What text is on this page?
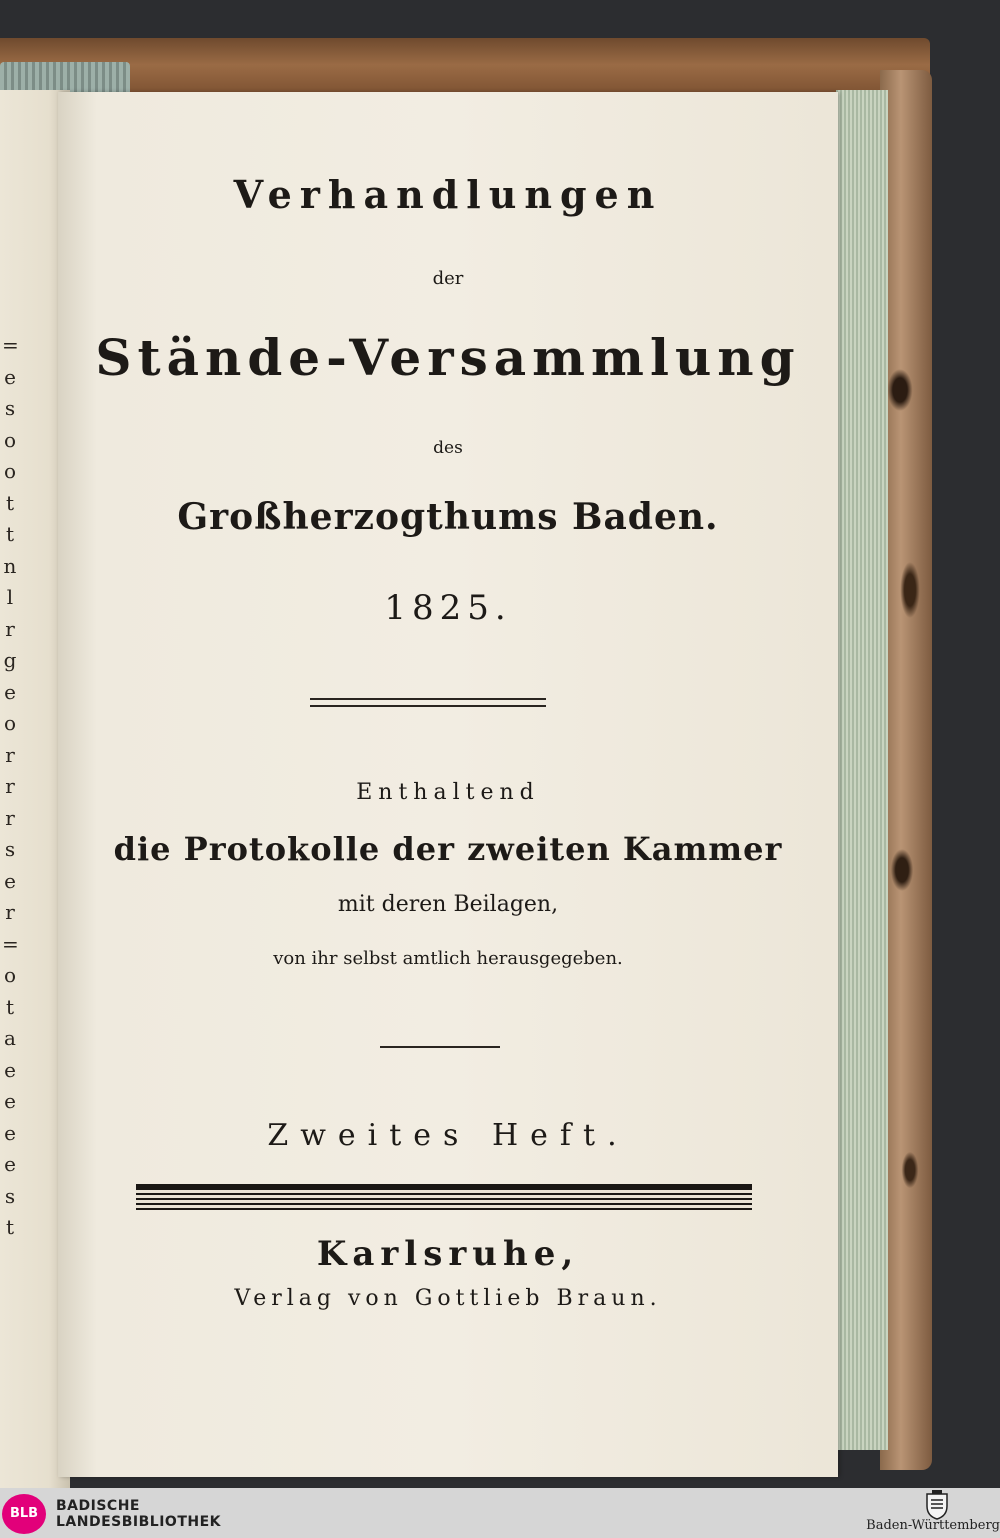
=
e
s
o
o
t
t
n
l
r
g
e
o
r
r
r
s
e
r
=
o
t
a
e
e
e
e
s
t
Verhandlungen
der
Stände-Versammlung
des
Großherzogthums Baden.
1825.
Enthaltend
die Protokolle der zweiten Kammer
mit deren Beilagen,
von ihr selbst amtlich herausgegeben.
Zweites Heft.
Karlsruhe,
Verlag von Gottlieb Braun.
BLB	BADISCHE
LANDESBIBLIOTHEK	Baden-Württemberg
